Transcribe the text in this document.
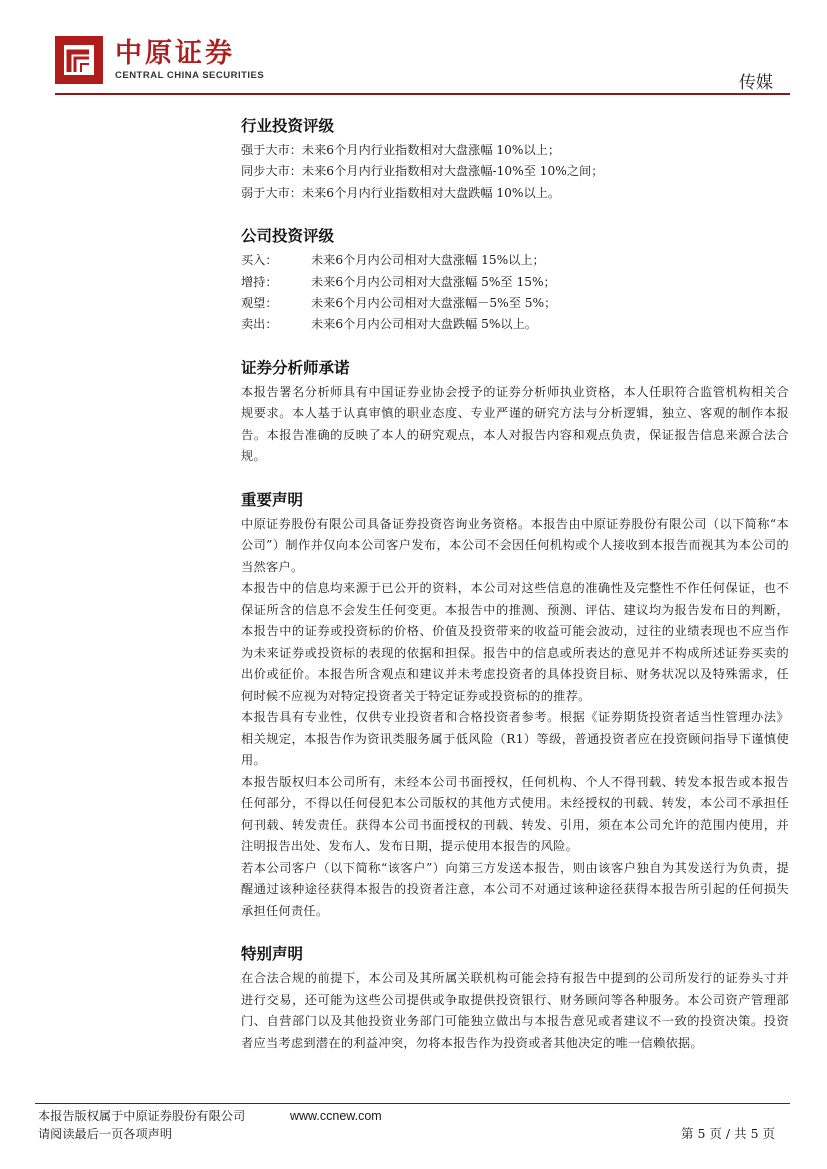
中原证券
CENTRAL CHINA SECURITIES	传媒
行业投资评级
强于大市：未来6个月内行业指数相对大盘涨幅 10%以上；
同步大市：未来6个月内行业指数相对大盘涨幅-10%至 10%之间；
弱于大市：未来6个月内行业指数相对大盘跌幅 10%以上。
公司投资评级
买入：	未来6个月内公司相对大盘涨幅 15%以上；
增持：	未来6个月内公司相对大盘涨幅 5%至 15%；
观望：	未来6个月内公司相对大盘涨幅－5%至 5%；
卖出：	未来6个月内公司相对大盘跌幅 5%以上。
证券分析师承诺
本报告署名分析师具有中国证券业协会授予的证券分析师执业资格，本人任职符合监管机构相关合规要求。本人基于认真审慎的职业态度、专业严谨的研究方法与分析逻辑，独立、客观的制作本报告。本报告准确的反映了本人的研究观点，本人对报告内容和观点负责，保证报告信息来源合法合规。
重要声明
中原证券股份有限公司具备证券投资咨询业务资格。本报告由中原证券股份有限公司（以下简称“本公司”）制作并仅向本公司客户发布，本公司不会因任何机构或个人接收到本报告而视其为本公司的当然客户。
本报告中的信息均来源于已公开的资料，本公司对这些信息的准确性及完整性不作任何保证，也不保证所含的信息不会发生任何变更。本报告中的推测、预测、评估、建议均为报告发布日的判断，本报告中的证券或投资标的价格、价值及投资带来的收益可能会波动，过往的业绩表现也不应当作为未来证券或投资标的表现的依据和担保。报告中的信息或所表达的意见并不构成所述证券买卖的出价或征价。本报告所含观点和建议并未考虑投资者的具体投资目标、财务状况以及特殊需求，任何时候不应视为对特定投资者关于特定证券或投资标的的推荐。
本报告具有专业性，仅供专业投资者和合格投资者参考。根据《证券期货投资者适当性管理办法》相关规定，本报告作为资讯类服务属于低风险（R1）等级，普通投资者应在投资顾问指导下谨慎使用。
本报告版权归本公司所有，未经本公司书面授权，任何机构、个人不得刊载、转发本报告或本报告任何部分，不得以任何侵犯本公司版权的其他方式使用。未经授权的刊载、转发，本公司不承担任何刊载、转发责任。获得本公司书面授权的刊载、转发、引用，须在本公司允许的范围内使用，并注明报告出处、发布人、发布日期，提示使用本报告的风险。
若本公司客户（以下简称“该客户”）向第三方发送本报告，则由该客户独自为其发送行为负责，提醒通过该种途径获得本报告的投资者注意，本公司不对通过该种途径获得本报告所引起的任何损失承担任何责任。
特别声明
在合法合规的前提下，本公司及其所属关联机构可能会持有报告中提到的公司所发行的证券头寸并进行交易，还可能为这些公司提供或争取提供投资银行、财务顾问等各种服务。本公司资产管理部门、自营部门以及其他投资业务部门可能独立做出与本报告意见或者建议不一致的投资决策。投资者应当考虑到潜在的利益冲突，勿将本报告作为投资或者其他决定的唯一信赖依据。
本报告版权属于中原证券股份有限公司	www.ccnew.com
请阅读最后一页各项声明	第 5 页 / 共 5 页
